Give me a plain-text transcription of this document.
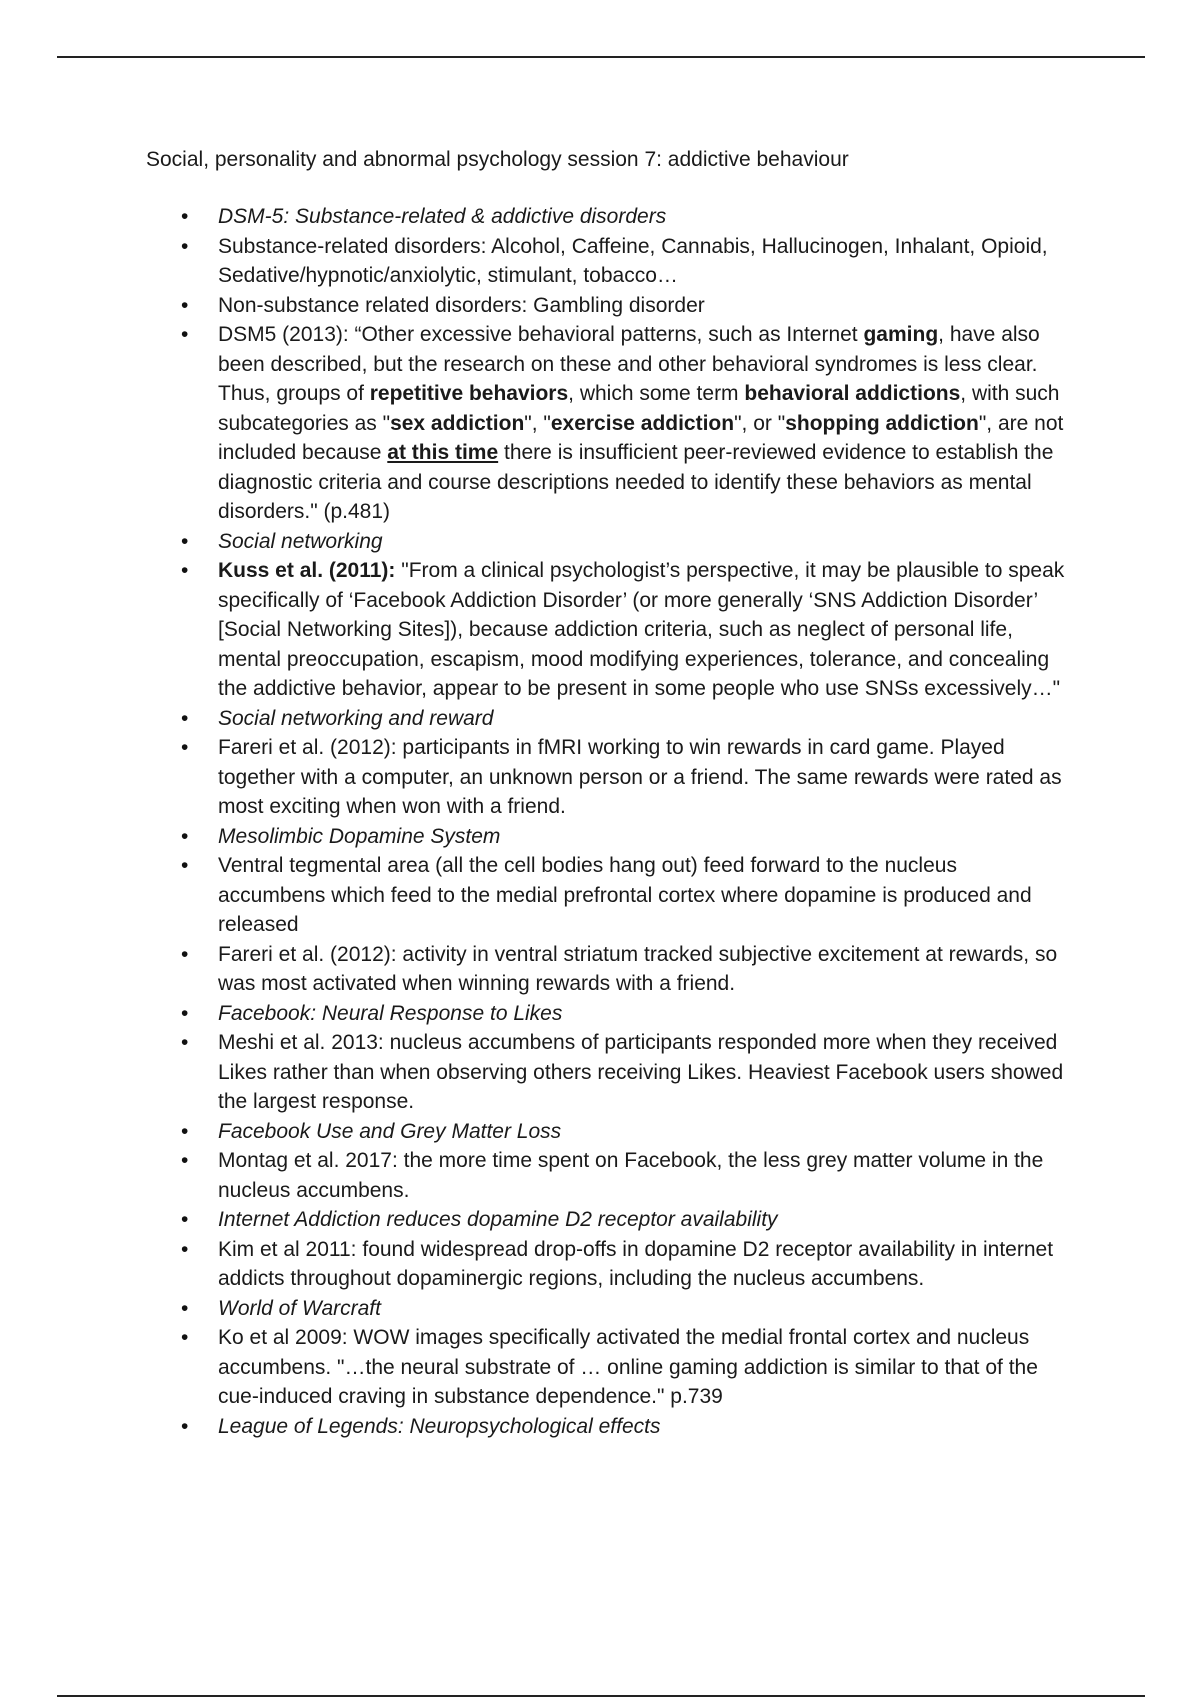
Social, personality and abnormal psychology session 7: addictive behaviour
• DSM-5: Substance-related & addictive disorders
• Substance-related disorders: Alcohol, Caffeine, Cannabis, Hallucinogen, Inhalant, Opioid, Sedative/hypnotic/anxiolytic, stimulant, tobacco…
• Non-substance related disorders: Gambling disorder
• DSM5 (2013): “Other excessive behavioral patterns, such as Internet gaming, have also been described, but the research on these and other behavioral syndromes is less clear. Thus, groups of repetitive behaviors, which some term behavioral addictions, with such subcategories as "sex addiction", "exercise addiction", or "shopping addiction", are not included because at this time there is insufficient peer-reviewed evidence to establish the diagnostic criteria and course descriptions needed to identify these behaviors as mental disorders." (p.481)
• Social networking
• Kuss et al. (2011): "From a clinical psychologist’s perspective, it may be plausible to speak specifically of ‘Facebook Addiction Disorder’ (or more generally ‘SNS Addiction Disorder’ [Social Networking Sites]), because addiction criteria, such as neglect of personal life, mental preoccupation, escapism, mood modifying experiences, tolerance, and concealing the addictive behavior, appear to be present in some people who use SNSs excessively…"
• Social networking and reward
• Fareri et al. (2012): participants in fMRI working to win rewards in card game. Played together with a computer, an unknown person or a friend. The same rewards were rated as most exciting when won with a friend.
• Mesolimbic Dopamine System
• Ventral tegmental area (all the cell bodies hang out) feed forward to the nucleus accumbens which feed to the medial prefrontal cortex where dopamine is produced and released
• Fareri et al. (2012): activity in ventral striatum tracked subjective excitement at rewards, so was most activated when winning rewards with a friend.
• Facebook: Neural Response to Likes
• Meshi et al. 2013: nucleus accumbens of participants responded more when they received Likes rather than when observing others receiving Likes. Heaviest Facebook users showed the largest response.
• Facebook Use and Grey Matter Loss
• Montag et al. 2017: the more time spent on Facebook, the less grey matter volume in the nucleus accumbens.
• Internet Addiction reduces dopamine D2 receptor availability
• Kim et al 2011: found widespread drop-offs in dopamine D2 receptor availability in internet addicts throughout dopaminergic regions, including the nucleus accumbens.
• World of Warcraft
• Ko et al 2009: WOW images specifically activated the medial frontal cortex and nucleus accumbens. "…the neural substrate of … online gaming addiction is similar to that of the cue-induced craving in substance dependence." p.739
• League of Legends: Neuropsychological effects
